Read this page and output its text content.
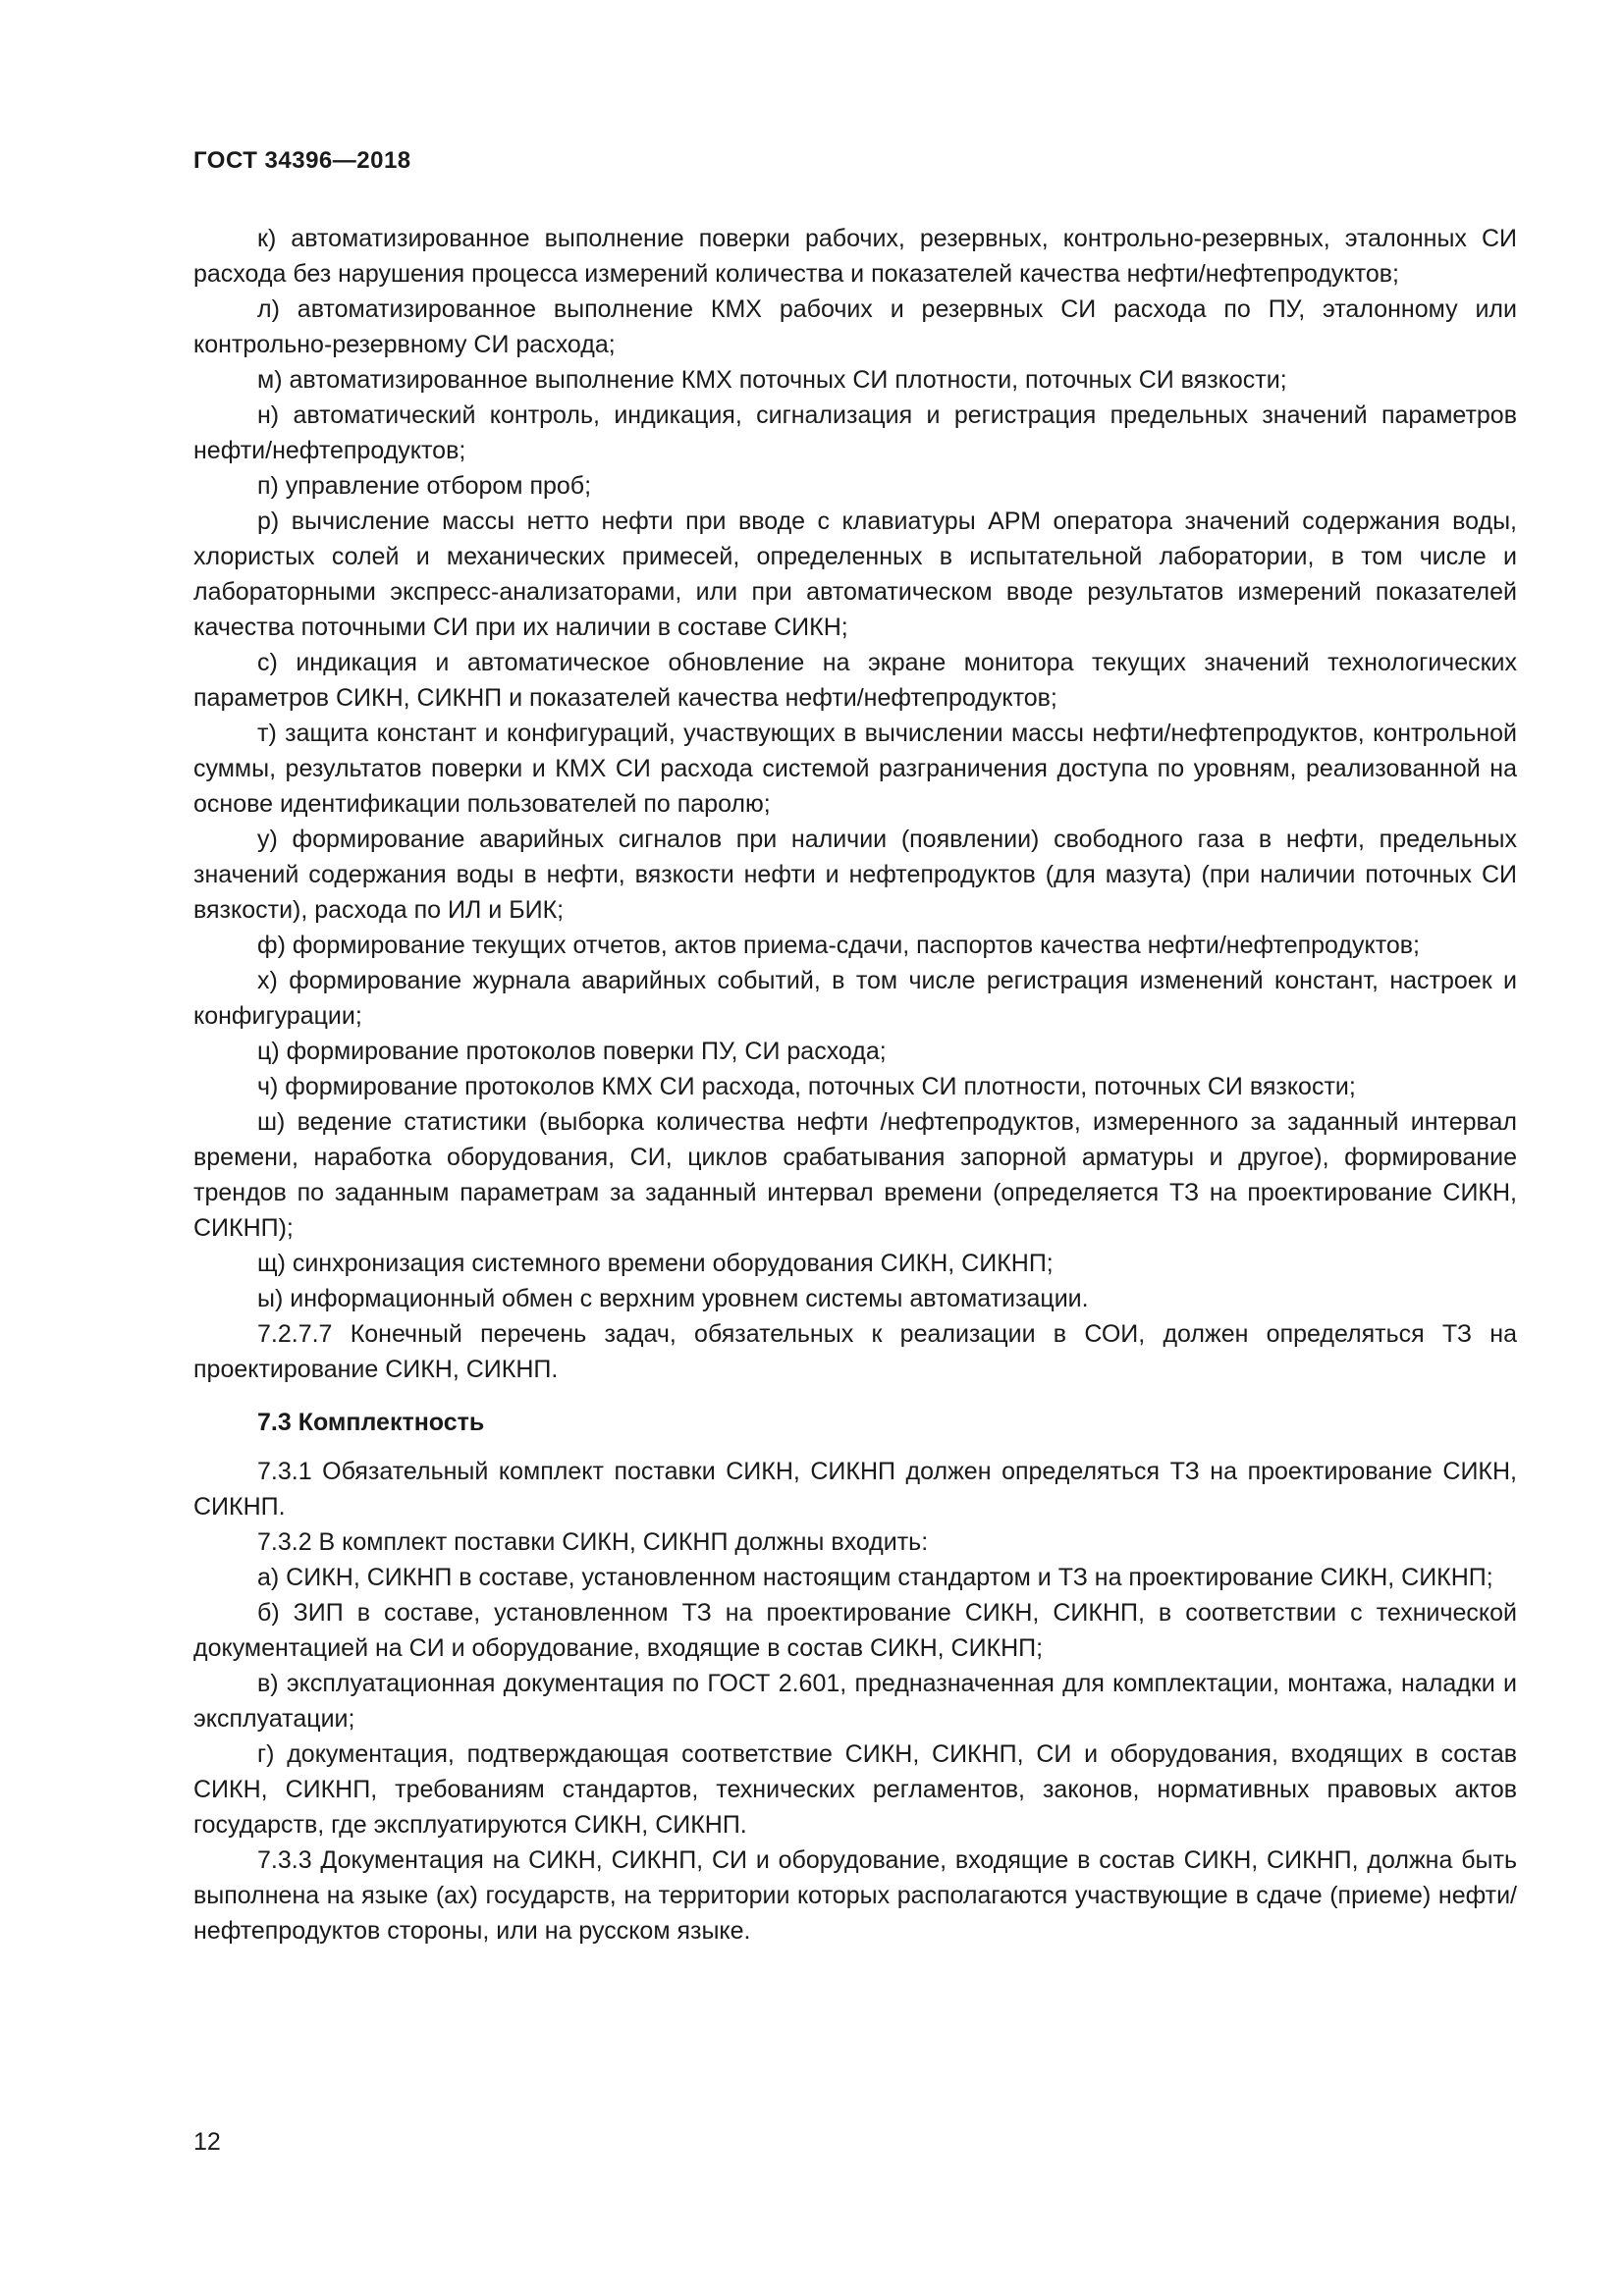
ГОСТ 34396—2018

к) автоматизированное выполнение поверки рабочих, резервных, контрольно-резервных, эталонных СИ расхода без нарушения процесса измерений количества и показателей качества нефти/нефтепродуктов;

л) автоматизированное выполнение КМХ рабочих и резервных СИ расхода по ПУ, эталонному или контрольно-резервному СИ расхода;

м) автоматизированное выполнение КМХ поточных СИ плотности, поточных СИ вязкости;

н) автоматический контроль, индикация, сигнализация и регистрация предельных значений параметров нефти/нефтепродуктов;

п) управление отбором проб;

р) вычисление массы нетто нефти при вводе с клавиатуры АРМ оператора значений содержания воды, хлористых солей и механических примесей, определенных в испытательной лаборатории, в том числе и лабораторными экспресс-анализаторами, или при автоматическом вводе результатов измерений показателей качества поточными СИ при их наличии в составе СИКН;

с) индикация и автоматическое обновление на экране монитора текущих значений технологических параметров СИКН, СИКНП и показателей качества нефти/нефтепродуктов;

т) защита констант и конфигураций, участвующих в вычислении массы нефти/нефтепродуктов, контрольной суммы, результатов поверки и КМХ СИ расхода системой разграничения доступа по уровням, реализованной на основе идентификации пользователей по паролю;

у) формирование аварийных сигналов при наличии (появлении) свободного газа в нефти, предельных значений содержания воды в нефти, вязкости нефти и нефтепродуктов (для мазута) (при наличии поточных СИ вязкости), расхода по ИЛ и БИК;

ф) формирование текущих отчетов, актов приема-сдачи, паспортов качества нефти/нефтепродуктов;

х) формирование журнала аварийных событий, в том числе регистрация изменений констант, настроек и конфигурации;

ц) формирование протоколов поверки ПУ, СИ расхода;

ч) формирование протоколов КМХ СИ расхода, поточных СИ плотности, поточных СИ вязкости;

ш) ведение статистики (выборка количества нефти /нефтепродуктов, измеренного за заданный интервал времени, наработка оборудования, СИ, циклов срабатывания запорной арматуры и другое), формирование трендов по заданным параметрам за заданный интервал времени (определяется ТЗ на проектирование СИКН, СИКНП);

щ) синхронизация системного времени оборудования СИКН, СИКНП;

ы) информационный обмен с верхним уровнем системы автоматизации.

7.2.7.7 Конечный перечень задач, обязательных к реализации в СОИ, должен определяться ТЗ на проектирование СИКН, СИКНП.

7.3 Комплектность

7.3.1 Обязательный комплект поставки СИКН, СИКНП должен определяться ТЗ на проектирование СИКН, СИКНП.

7.3.2 В комплект поставки СИКН, СИКНП должны входить:

а) СИКН, СИКНП в составе, установленном настоящим стандартом и ТЗ на проектирование СИКН, СИКНП;

б) ЗИП в составе, установленном ТЗ на проектирование СИКН, СИКНП, в соответствии с технической документацией на СИ и оборудование, входящие в состав СИКН, СИКНП;

в) эксплуатационная документация по ГОСТ 2.601, предназначенная для комплектации, монтажа, наладки и эксплуатации;

г) документация, подтверждающая соответствие СИКН, СИКНП, СИ и оборудования, входящих в состав СИКН, СИКНП, требованиям стандартов, технических регламентов, законов, нормативных правовых актов государств, где эксплуатируются СИКН, СИКНП.

7.3.3 Документация на СИКН, СИКНП, СИ и оборудование, входящие в состав СИКН, СИКНП, должна быть выполнена на языке (ах) государств, на территории которых располагаются участвующие в сдаче (приеме) нефти/нефтепродуктов стороны, или на русском языке.

12
